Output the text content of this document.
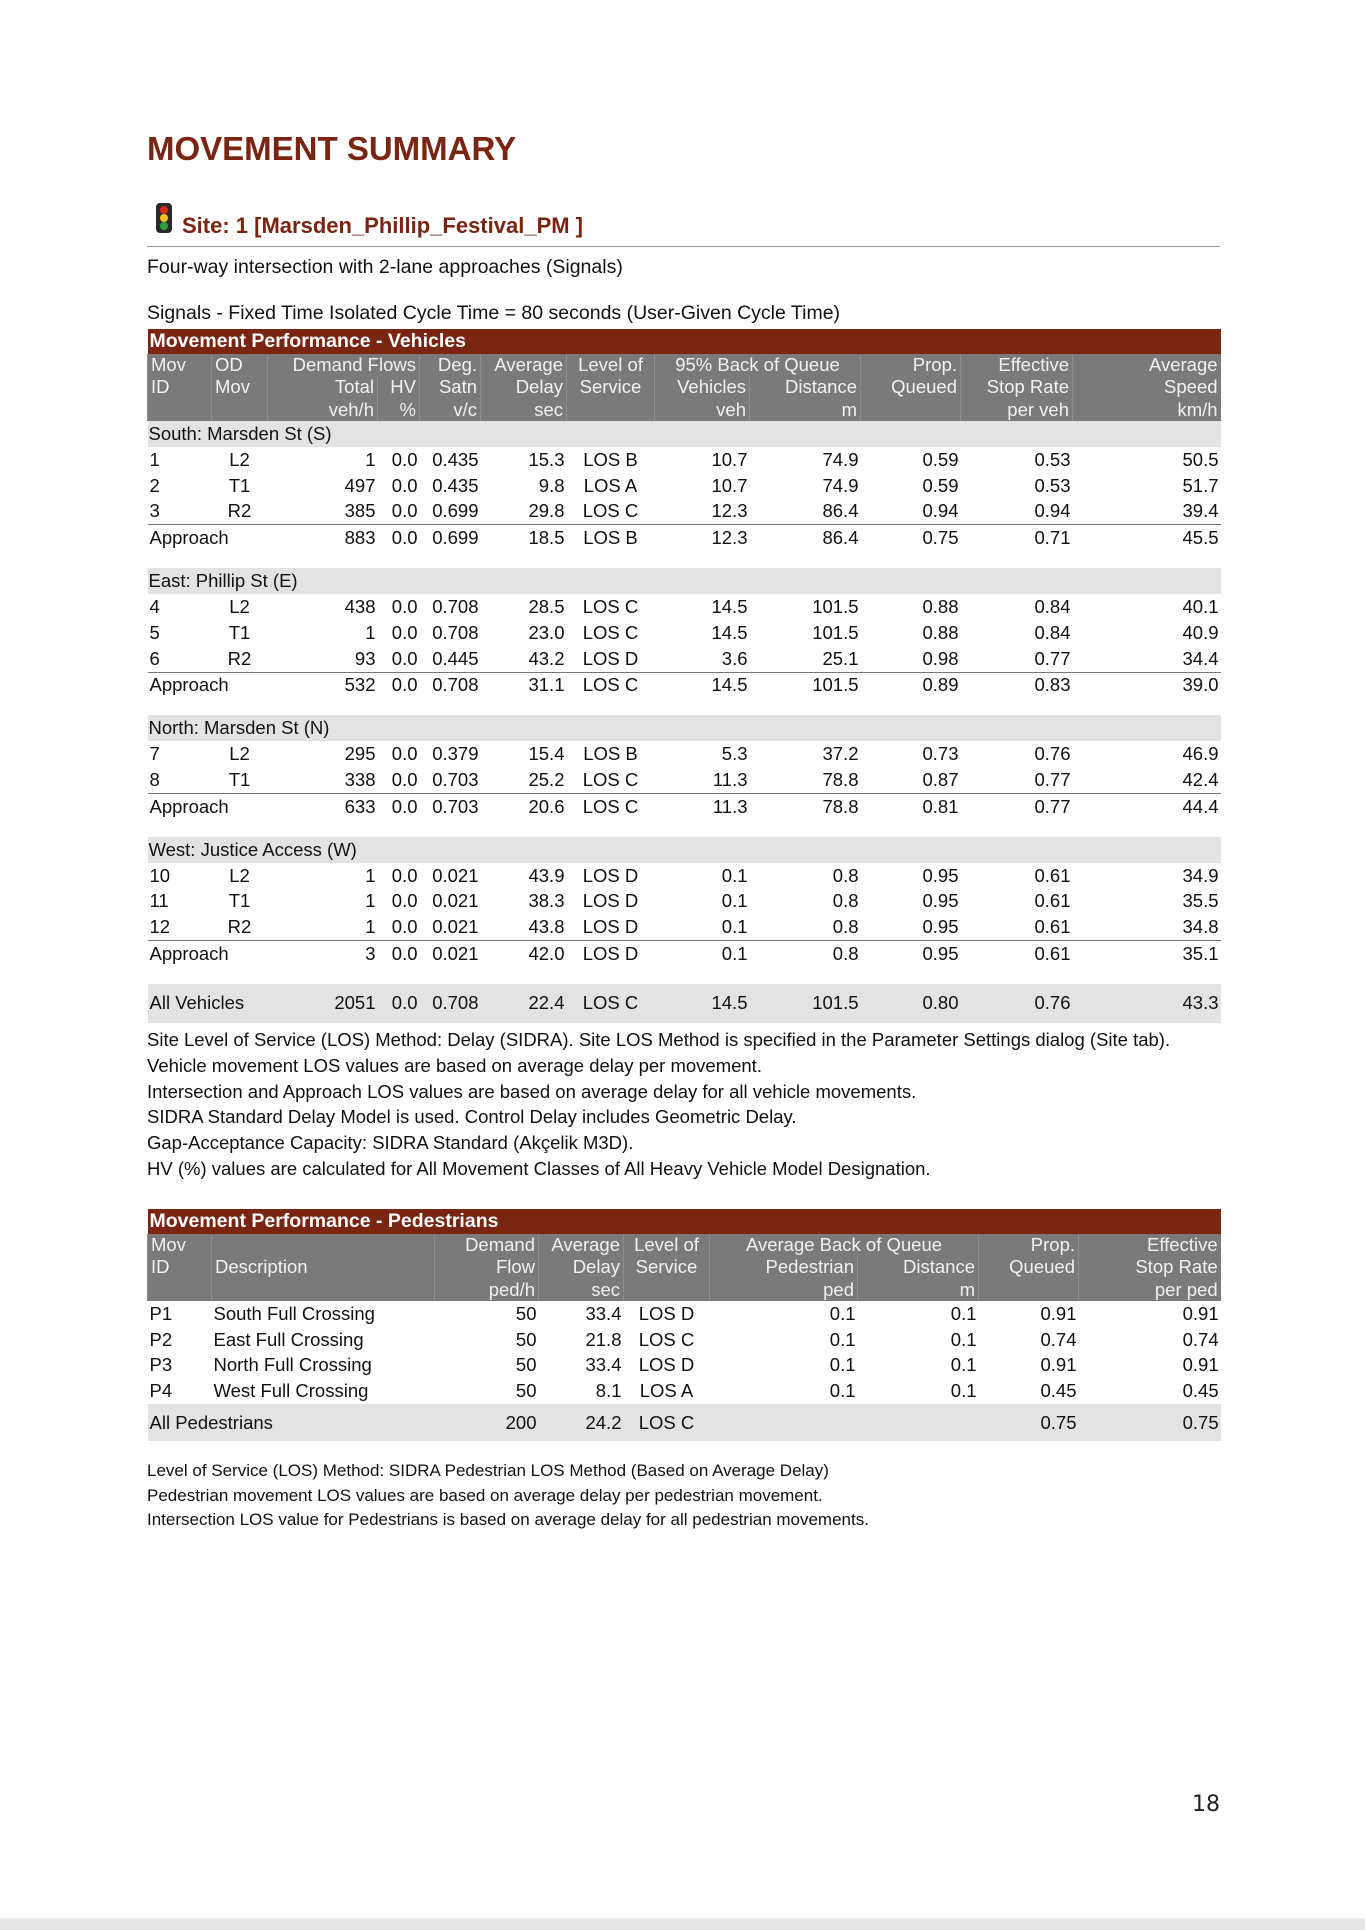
MOVEMENT SUMMARY
Site: 1 [Marsden_Phillip_Festival_PM ]
Four-way intersection with 2-lane approaches (Signals)
Signals - Fixed Time Isolated Cycle Time = 80 seconds (User-Given Cycle Time)
Movement Performance - Vehicles											
Mov	OD	Demand Flows		Deg.	Average	Level of	95% Back of Queue		Prop.	Effective	Average
ID	Mov	Total	HV	Satn	Delay	Service	Vehicles	Distance	Queued	Stop Rate	Speed
		veh/h	%	v/c	sec		veh	m		per veh	km/h
South: Marsden St (S)											
1	L2	1	0.0	0.435	15.3	LOS B	10.7	74.9	0.59	0.53	50.5
2	T1	497	0.0	0.435	9.8	LOS A	10.7	74.9	0.59	0.53	51.7
3	R2	385	0.0	0.699	29.8	LOS C	12.3	86.4	0.94	0.94	39.4
Approach		883	0.0	0.699	18.5	LOS B	12.3	86.4	0.75	0.71	45.5

East: Phillip St (E)											
4	L2	438	0.0	0.708	28.5	LOS C	14.5	101.5	0.88	0.84	40.1
5	T1	1	0.0	0.708	23.0	LOS C	14.5	101.5	0.88	0.84	40.9
6	R2	93	0.0	0.445	43.2	LOS D	3.6	25.1	0.98	0.77	34.4
Approach		532	0.0	0.708	31.1	LOS C	14.5	101.5	0.89	0.83	39.0

North: Marsden St (N)											
7	L2	295	0.0	0.379	15.4	LOS B	5.3	37.2	0.73	0.76	46.9
8	T1	338	0.0	0.703	25.2	LOS C	11.3	78.8	0.87	0.77	42.4
Approach		633	0.0	0.703	20.6	LOS C	11.3	78.8	0.81	0.77	44.4

West: Justice Access (W)											
10	L2	1	0.0	0.021	43.9	LOS D	0.1	0.8	0.95	0.61	34.9
11	T1	1	0.0	0.021	38.3	LOS D	0.1	0.8	0.95	0.61	35.5
12	R2	1	0.0	0.021	43.8	LOS D	0.1	0.8	0.95	0.61	34.8
Approach		3	0.0	0.021	42.0	LOS D	0.1	0.8	0.95	0.61	35.1

All Vehicles		2051	0.0	0.708	22.4	LOS C	14.5	101.5	0.80	0.76	43.3
Site Level of Service (LOS) Method: Delay (SIDRA). Site LOS Method is specified in the Parameter Settings dialog (Site tab).
Vehicle movement LOS values are based on average delay per movement.
Intersection and Approach LOS values are based on average delay for all vehicle movements.
SIDRA Standard Delay Model is used. Control Delay includes Geometric Delay.
Gap-Acceptance Capacity: SIDRA Standard (Akçelik M3D).
HV (%) values are calculated for All Movement Classes of All Heavy Vehicle Model Designation.
Movement Performance - Pedestrians								
Mov		Demand	Average	Level of	Average Back of Queue		Prop.	Effective
ID	Description	Flow	Delay	Service	Pedestrian	Distance	Queued	Stop Rate
		ped/h	sec		ped	m		per ped
P1	South Full Crossing	50	33.4	LOS D	0.1	0.1	0.91	0.91
P2	East Full Crossing	50	21.8	LOS C	0.1	0.1	0.74	0.74
P3	North Full Crossing	50	33.4	LOS D	0.1	0.1	0.91	0.91
P4	West Full Crossing	50	8.1	LOS A	0.1	0.1	0.45	0.45
All Pedestrians		200	24.2	LOS C			0.75	0.75
Level of Service (LOS) Method: SIDRA Pedestrian LOS Method (Based on Average Delay)
Pedestrian movement LOS values are based on average delay per pedestrian movement.
Intersection LOS value for Pedestrians is based on average delay for all pedestrian movements.
18
